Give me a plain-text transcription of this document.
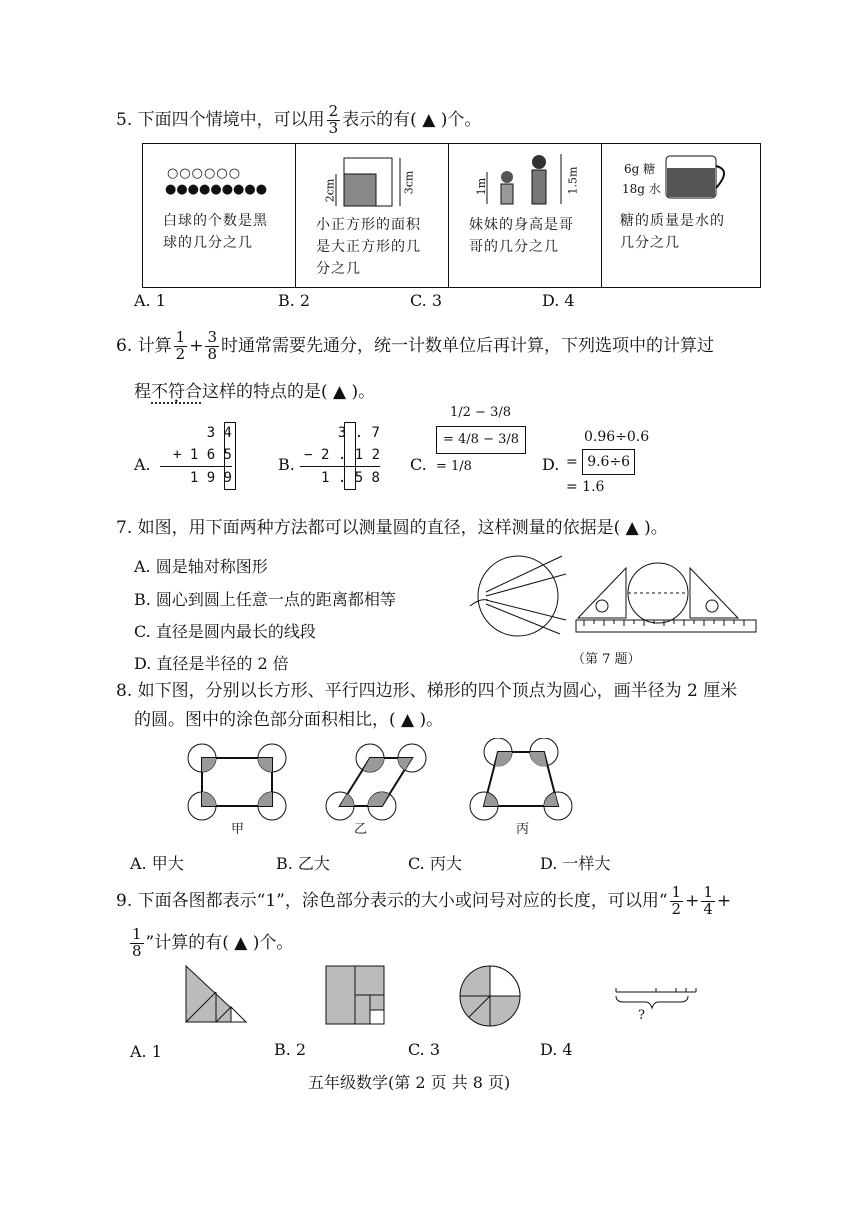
5. 下面四个情境中，可以用 $\frac{2}{3}$ 表示的有( ▲ )个。
○○○○○○
●●●●●●●●●
白球的个数是黑
球的几分之几
2cm	3cm
小正方形的面积
是大正方形的几
分之几
1m	1.5m
妹妹的身高是哥
哥的几分之几
6g 糖
18g 水
糖的质量是水的
几分之几
A. 1	B. 2	C. 3	D. 4
6. 计算 $\frac{1}{2} + \frac{3}{8}$ 时通常需要先通分，统一计数单位后再计算，下列选项中的计算过
程不符合这样的特点的是( ▲ )。
A.
3 4
+ 1 6 5
1 9 9
B.
3 . 7
− 2 . 1 2
1 . 5 8
C.
1/2 − 3/8
= 4/8 − 3/8
= 1/8	D.
0.96÷0.6
= 9.6÷6
= 1.6
7. 如图，用下面两种方法都可以测量圆的直径，这样测量的依据是( ▲ )。
A. 圆是轴对称图形
B. 圆心到圆上任意一点的距离都相等
C. 直径是圆内最长的线段
D. 直径是半径的 2 倍	（第 7 题）
8. 如下图，分别以长方形、平行四边形、梯形的四个顶点为圆心，画半径为 2 厘米
的圆。图中的涂色部分面积相比，( ▲ )。
甲	乙	丙
A. 甲大	B. 乙大	C. 丙大	D. 一样大
9. 下面各图都表示“1”，涂色部分表示的大小或问号对应的长度，可以用“ $\frac{1}{2} + \frac{1}{4}$ +
$\frac{1}{8}$ ”计算的有( ▲ )个。
?
A. 1	B. 2	C. 3	D. 4
五年级数学(第 2 页 共 8 页)
